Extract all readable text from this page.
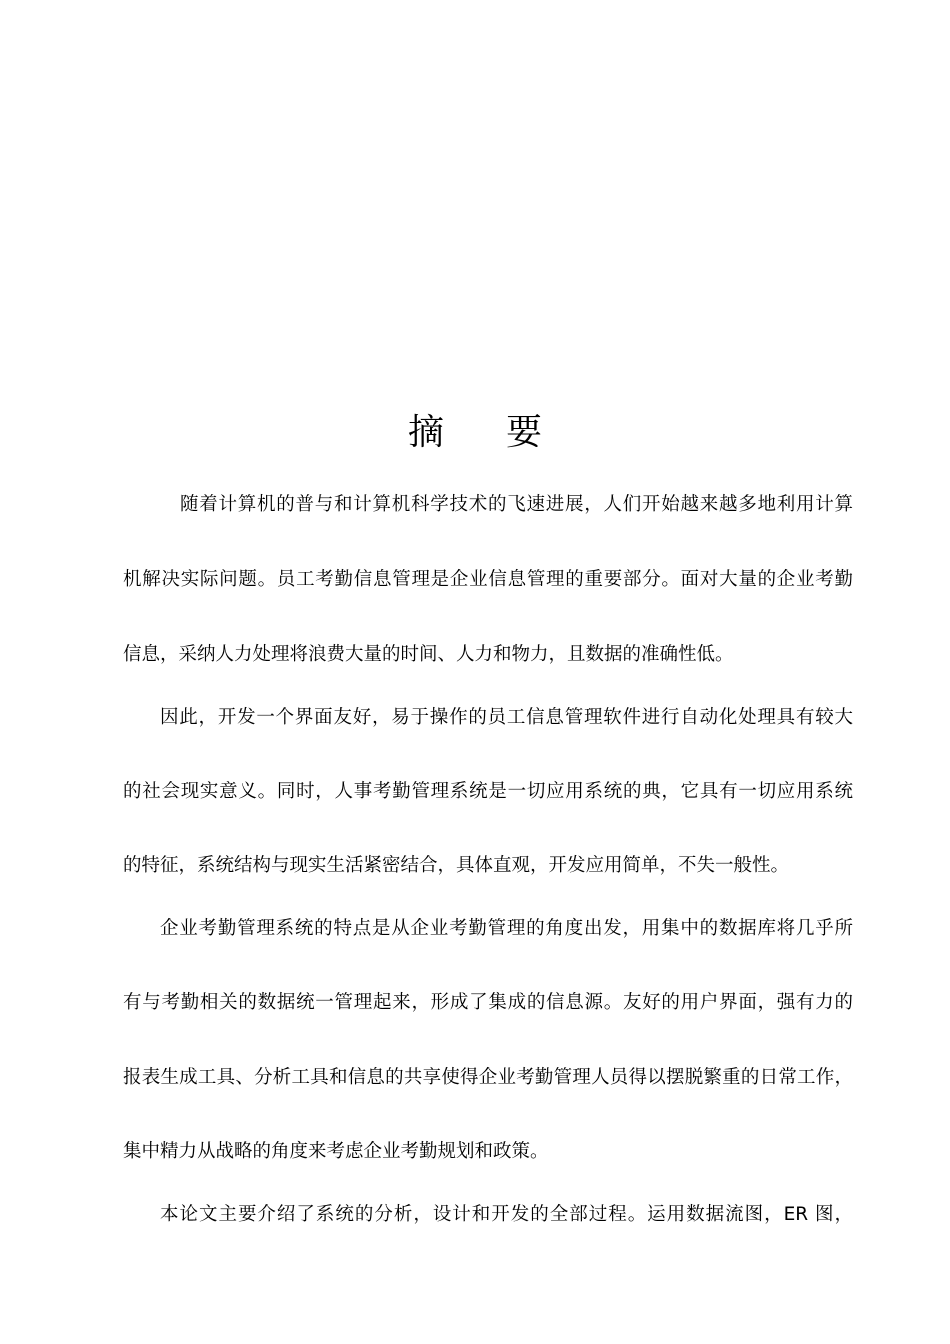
摘 要
随着计算机的普与和计算机科学技术的飞速进展，人们开始越来越多地利用计算
机解决实际问题。员工考勤信息管理是企业信息管理的重要部分。面对大量的企业考勤
信息，采纳人力处理将浪费大量的时间、人力和物力，且数据的准确性低。
因此，开发一个界面友好，易于操作的员工信息管理软件进行自动化处理具有较大
的社会现实意义。同时，人事考勤管理系统是一切应用系统的典，它具有一切应用系统
的特征，系统结构与现实生活紧密结合，具体直观，开发应用简单，不失一般性。
企业考勤管理系统的特点是从企业考勤管理的角度出发，用集中的数据库将几乎所
有与考勤相关的数据统一管理起来，形成了集成的信息源。友好的用户界面，强有力的
报表生成工具、分析工具和信息的共享使得企业考勤管理人员得以摆脱繁重的日常工作，
集中精力从战略的角度来考虑企业考勤规划和政策。
本论文主要介绍了系统的分析，设计和开发的全部过程。运用数据流图，ER 图，
